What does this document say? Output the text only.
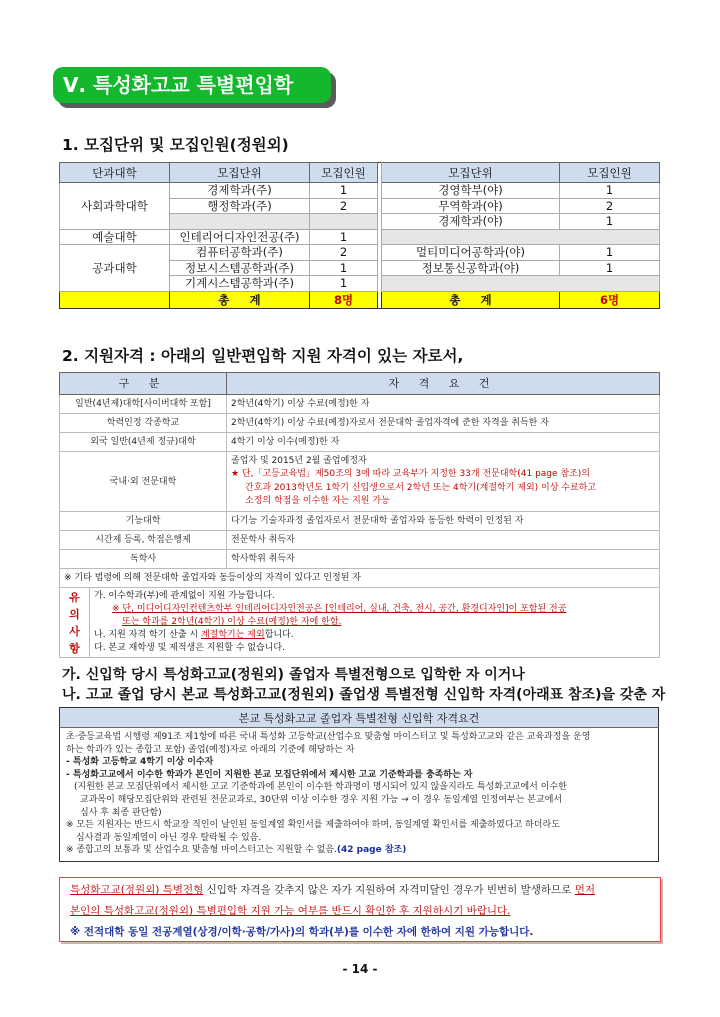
Ⅴ. 특성화고교 특별편입학
1. 모집단위 및 모집인원(정원외)
단과대학	모집단위	모집인원		모집단위	모집인원
사회과학대학	경제학과(주)	1		경영학부(야)	1
	행정학과(주)	2		무역학과(야)	2
				경제학과(야)	1
예술대학	인테리어디자인전공(주)	1			
공과대학	컴퓨터공학과(주)	2		멀티미디어공학과(야)	1
	정보시스템공학과(주)	1		정보통신공학과(야)	1
	기계시스템공학과(주)	1			
	총     계	8명		총     계	6명
2. 지원자격 : 아래의 일반편입학 지원 자격이 있는 자로서,
구 분		자 격 요 건
일반(4년제)대학[사이버대학 포함]		2학년(4학기) 이상 수료(예정)한 자
학력인정 각종학교		2학년(4학기) 이상 수료(예정)자로서 전문대학 졸업자격에 준한 자격을 취득한 자
외국 일반(4년제 정규)대학		4학기 이상 이수(예정)한 자
국내·외 전문대학		졸업자 및 2015년 2월 졸업예정자
★ 단,「고등교육법」제50조의 3에 따라 교육부가 지정한 33개 전문대학(41 page 참조)의
간호과 2013학년도 1학기 신입생으로서 2학년 또는 4학기(계절학기 제외) 이상 수료하고
소정의 학점을 이수한 자는 지원 가능

기능대학		다기능 기술자과정 졸업자로서 전문대학 졸업자와 동등한 학력이 인정된 자
시간제 등록, 학점은행제		전문학사 취득자
독학사		학사학위 취득자
※ 기타 법령에 의해 전문대학 졸업자와 동등이상의 자격이 있다고 인정된 자		

유의사항	가. 이수학과(부)에 관계없이 지원 가능합니다.
※ 단, 미디어디자인컨텐츠학부 인테리어디자인전공은 [인테리어, 실내, 건축, 전시, 공간, 환경디자인]이 포함된 전공
또는 학과를 2학년(4학기) 이상 수료(예정)한 자에 한함.
나. 지원 자격 학기 산출 시 계절학기는 제외합니다.
다. 본교 재학생 및 제적생은 지원할 수 없습니다.	
가. 신입학 당시 특성화고교(정원외) 졸업자 특별전형으로 입학한 자 이거나
나. 고교 졸업 당시 본교 특성화고교(정원외) 졸업생 특별전형 신입학 자격(아래표 참조)을 갖춘 자
본교 특성화고교 졸업자 특별전형 신입학 자격요건

초·중등교육법 시행령 제91조 제1항에 따른 국내 특성화 고등학교(산업수요 맞춤형 마이스터고 및 특성화고교와 같은 교육과정을 운영
하는 학과가 있는 종합고 포함) 졸업(예정)자로 아래의 기준에 해당하는 자
- 특성화 고등학교 4학기 이상 이수자
- 특성화고교에서 이수한 학과가 본인이 지원한 본교 모집단위에서 제시한 고교 기준학과를 충족하는 자
(지원한 본교 모집단위에서 제시한 고교 기준학과에 본인이 이수한 학과명이 명시되어 있지 않을지라도 특성화고교에서 이수한
교과목이 해당모집단위와 관련된 전문교과로, 30단위 이상 이수한 경우 지원 가능 → 이 경우 동일계열 인정여부는 본교에서
심사 후 최종 판단함)
※ 모든 지원자는 반드시 학교장 직인이 날인된 동일계열 확인서를 제출하여야 하며, 동일계열 확인서를 제출하였다고 하더라도
심사결과 동일계열이 아닌 경우 탈락될 수 있음.
※ 종합고의 보통과 및 산업수요 맞춤형 마이스터고는 지원할 수 없음.(42 page 참조)
특성화고교(정원외) 특별전형 신입학 자격을 갖추지 않은 자가 지원하여 자격미달인 경우가 빈번히 발생하므로 먼저
본인의 특성화고교(정원외) 특별편입학 지원 가능 여부를 반드시 확인한 후 지원하시기 바랍니다.
※ 전적대학 동일 전공계열(상경/이학·공학/가사)의 학과(부)를 이수한 자에 한하여 지원 가능합니다.
- 14 -
